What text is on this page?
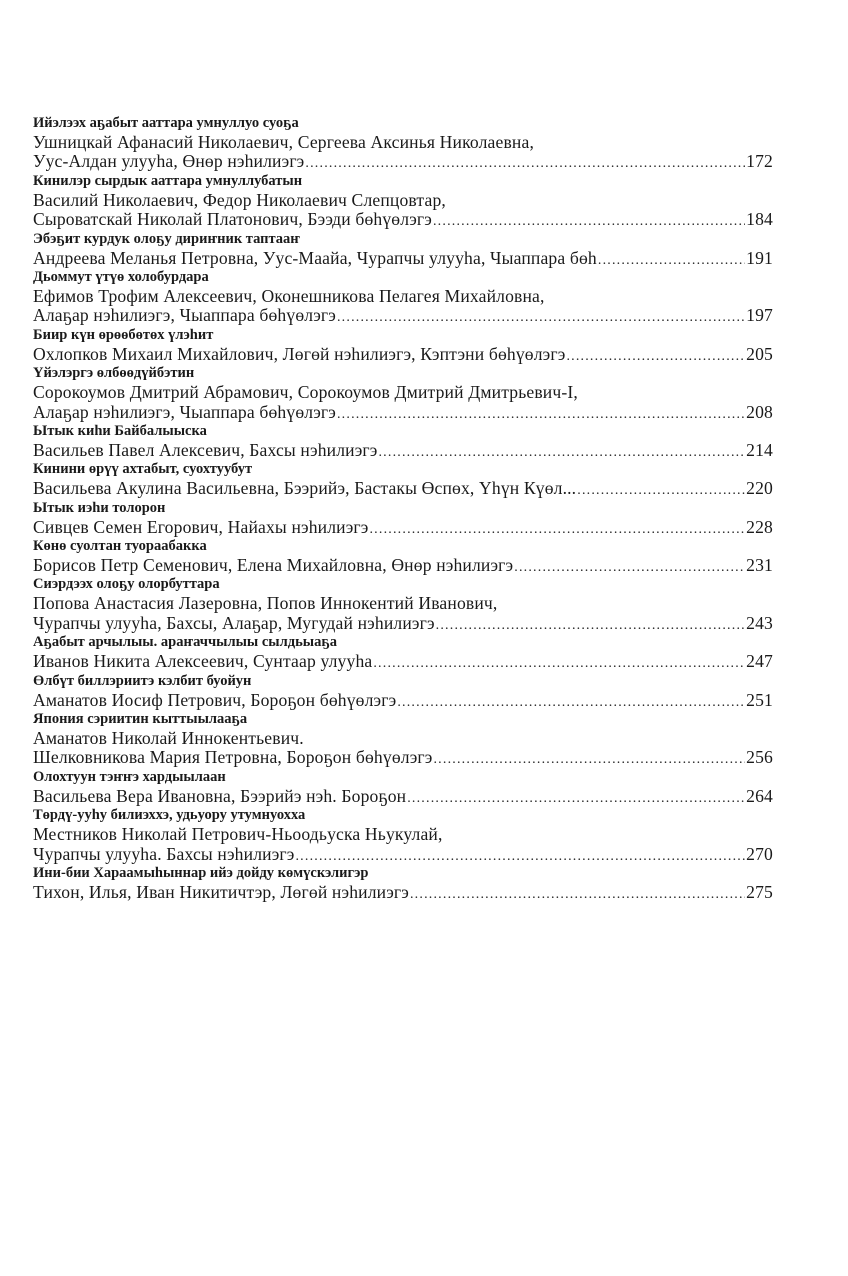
Ийэлээх аҕабыт ааттара умнуллуо суоҕа
Ушницкай Афанасий Николаевич, Сергеева Аксинья Николаевна,
Уус-Алдан улууһа, Өнөр нэһилиэгэ .....	172
Кинилэр сырдык ааттара умнуллубатын
Василий Николаевич, Федор Николаевич Слепцовтар,
Сыроватскай Николай Платонович, Бээди бөһүөлэгэ .....	184
Эбэҕит курдук олоҕу дириҥник таптааҥ
Андреева Меланья Петровна, Уус-Маайа, Чурапчы улууһа, Чыаппара бөһ .....	191
Дьоммут үтүө холобурдара
Ефимов Трофим Алексеевич, Оконешникова Пелагея Михайловна,
Алаҕар нэһилиэгэ, Чыаппара бөһүөлэгэ .....	197
Биир күн өрөөбөтөх үлэһит
Охлопков Михаил Михайлович, Лөгөй нэһилиэгэ, Кэптэни бөһүөлэгэ .....	205
Үйэлэргэ өлбөөдүйбэтин
Сорокоумов Дмитрий Абрамович, Сорокоумов Дмитрий Дмитрьевич-I,
Алаҕар нэһилиэгэ, Чыаппара бөһүөлэгэ .....	208
Ытык киһи Байбалыыска
Васильев Павел Алексевич, Бахсы нэһилиэгэ .....	214
Кинини өрүү ахтабыт, суохтуубут
Васильева Акулина Васильевна, Бээрийэ, Бастакы Өспөх, Үһүн Күөл... .....	220
Ытык иэһи толорон
Сивцев Семен Егорович, Найахы нэһилиэгэ .....	228
Көнө суолтан туораабакка
Борисов Петр Семенович, Елена Михайловна, Өнөр нэһилиэгэ .....	231
Сиэрдээх олоҕу олорбуттара
Попова Анастасия Лазеровна, Попов Иннокентий Иванович,
Чурапчы улууһа, Бахсы, Алаҕар, Мугудай нэһилиэгэ .....	243
Аҕабыт арчылыы. араҥаччылыы сылдьыаҕа
Иванов Никита Алексеевич, Сунтаар улууһа .....	247
Өлбүт биллэриитэ кэлбит буойун
Аманатов Иосиф Петрович, Бороҕон бөһүөлэгэ .....	251
Япония сэриитин кыттыылааҕа
Аманатов Николай Иннокентьевич.
Шелковникова Мария Петровна, Бороҕон бөһүөлэгэ .....	256
Олохтуун тэҥҥэ хардыылаан
Васильева Вера Ивановна, Бээрийэ нэһ. Бороҕон .....	264
Төрдү-ууһу билиэххэ, удьуору утумнуохха
Местников Николай Петрович-Ньоодьуска Ньукулай,
Чурапчы улууһа. Бахсы нэһилиэгэ .....	270
Ини-бии Хараамыһыннар ийэ дойду көмүскэлигэр
Тихон, Илья, Иван Никитичтэр, Лөгөй нэһилиэгэ .....	275
